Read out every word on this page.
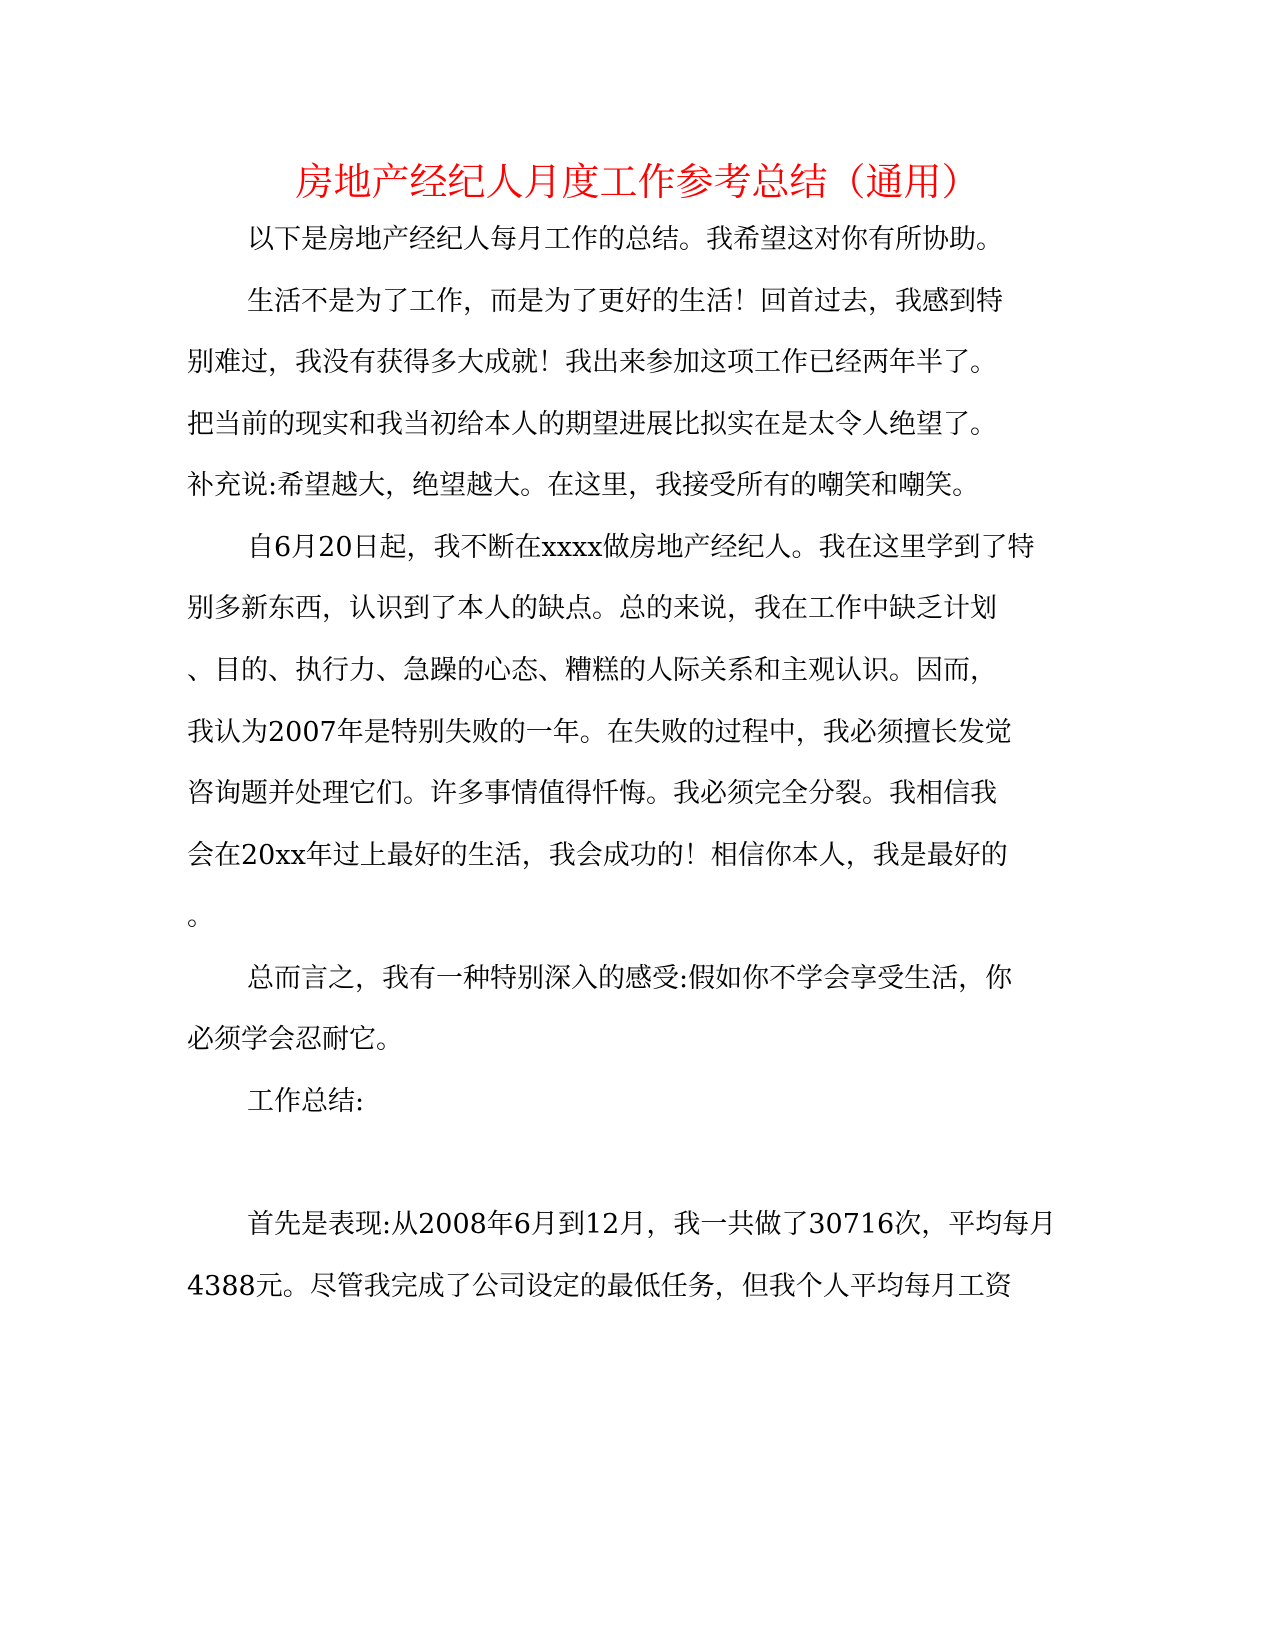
房地产经纪人月度工作参考总结（通用）

以下是房地产经纪人每月工作的总结。我希望这对你有所协助。

生活不是为了工作，而是为了更好的生活！回首过去，我感到特

别难过，我没有获得多大成就！我出来参加这项工作已经两年半了。

把当前的现实和我当初给本人的期望进展比拟实在是太令人绝望了。

补充说:希望越大，绝望越大。在这里，我接受所有的嘲笑和嘲笑。

自6月20日起，我不断在xxxx做房地产经纪人。我在这里学到了特

别多新东西，认识到了本人的缺点。总的来说，我在工作中缺乏计划

、目的、执行力、急躁的心态、糟糕的人际关系和主观认识。因而，

我认为2007年是特别失败的一年。在失败的过程中，我必须擅长发觉

咨询题并处理它们。许多事情值得忏悔。我必须完全分裂。我相信我

会在20xx年过上最好的生活，我会成功的！相信你本人，我是最好的

。

总而言之，我有一种特别深入的感受:假如你不学会享受生活，你

必须学会忍耐它。

工作总结:

首先是表现:从2008年6月到12月，我一共做了30716次，平均每月

4388元。尽管我完成了公司设定的最低任务，但我个人平均每月工资
